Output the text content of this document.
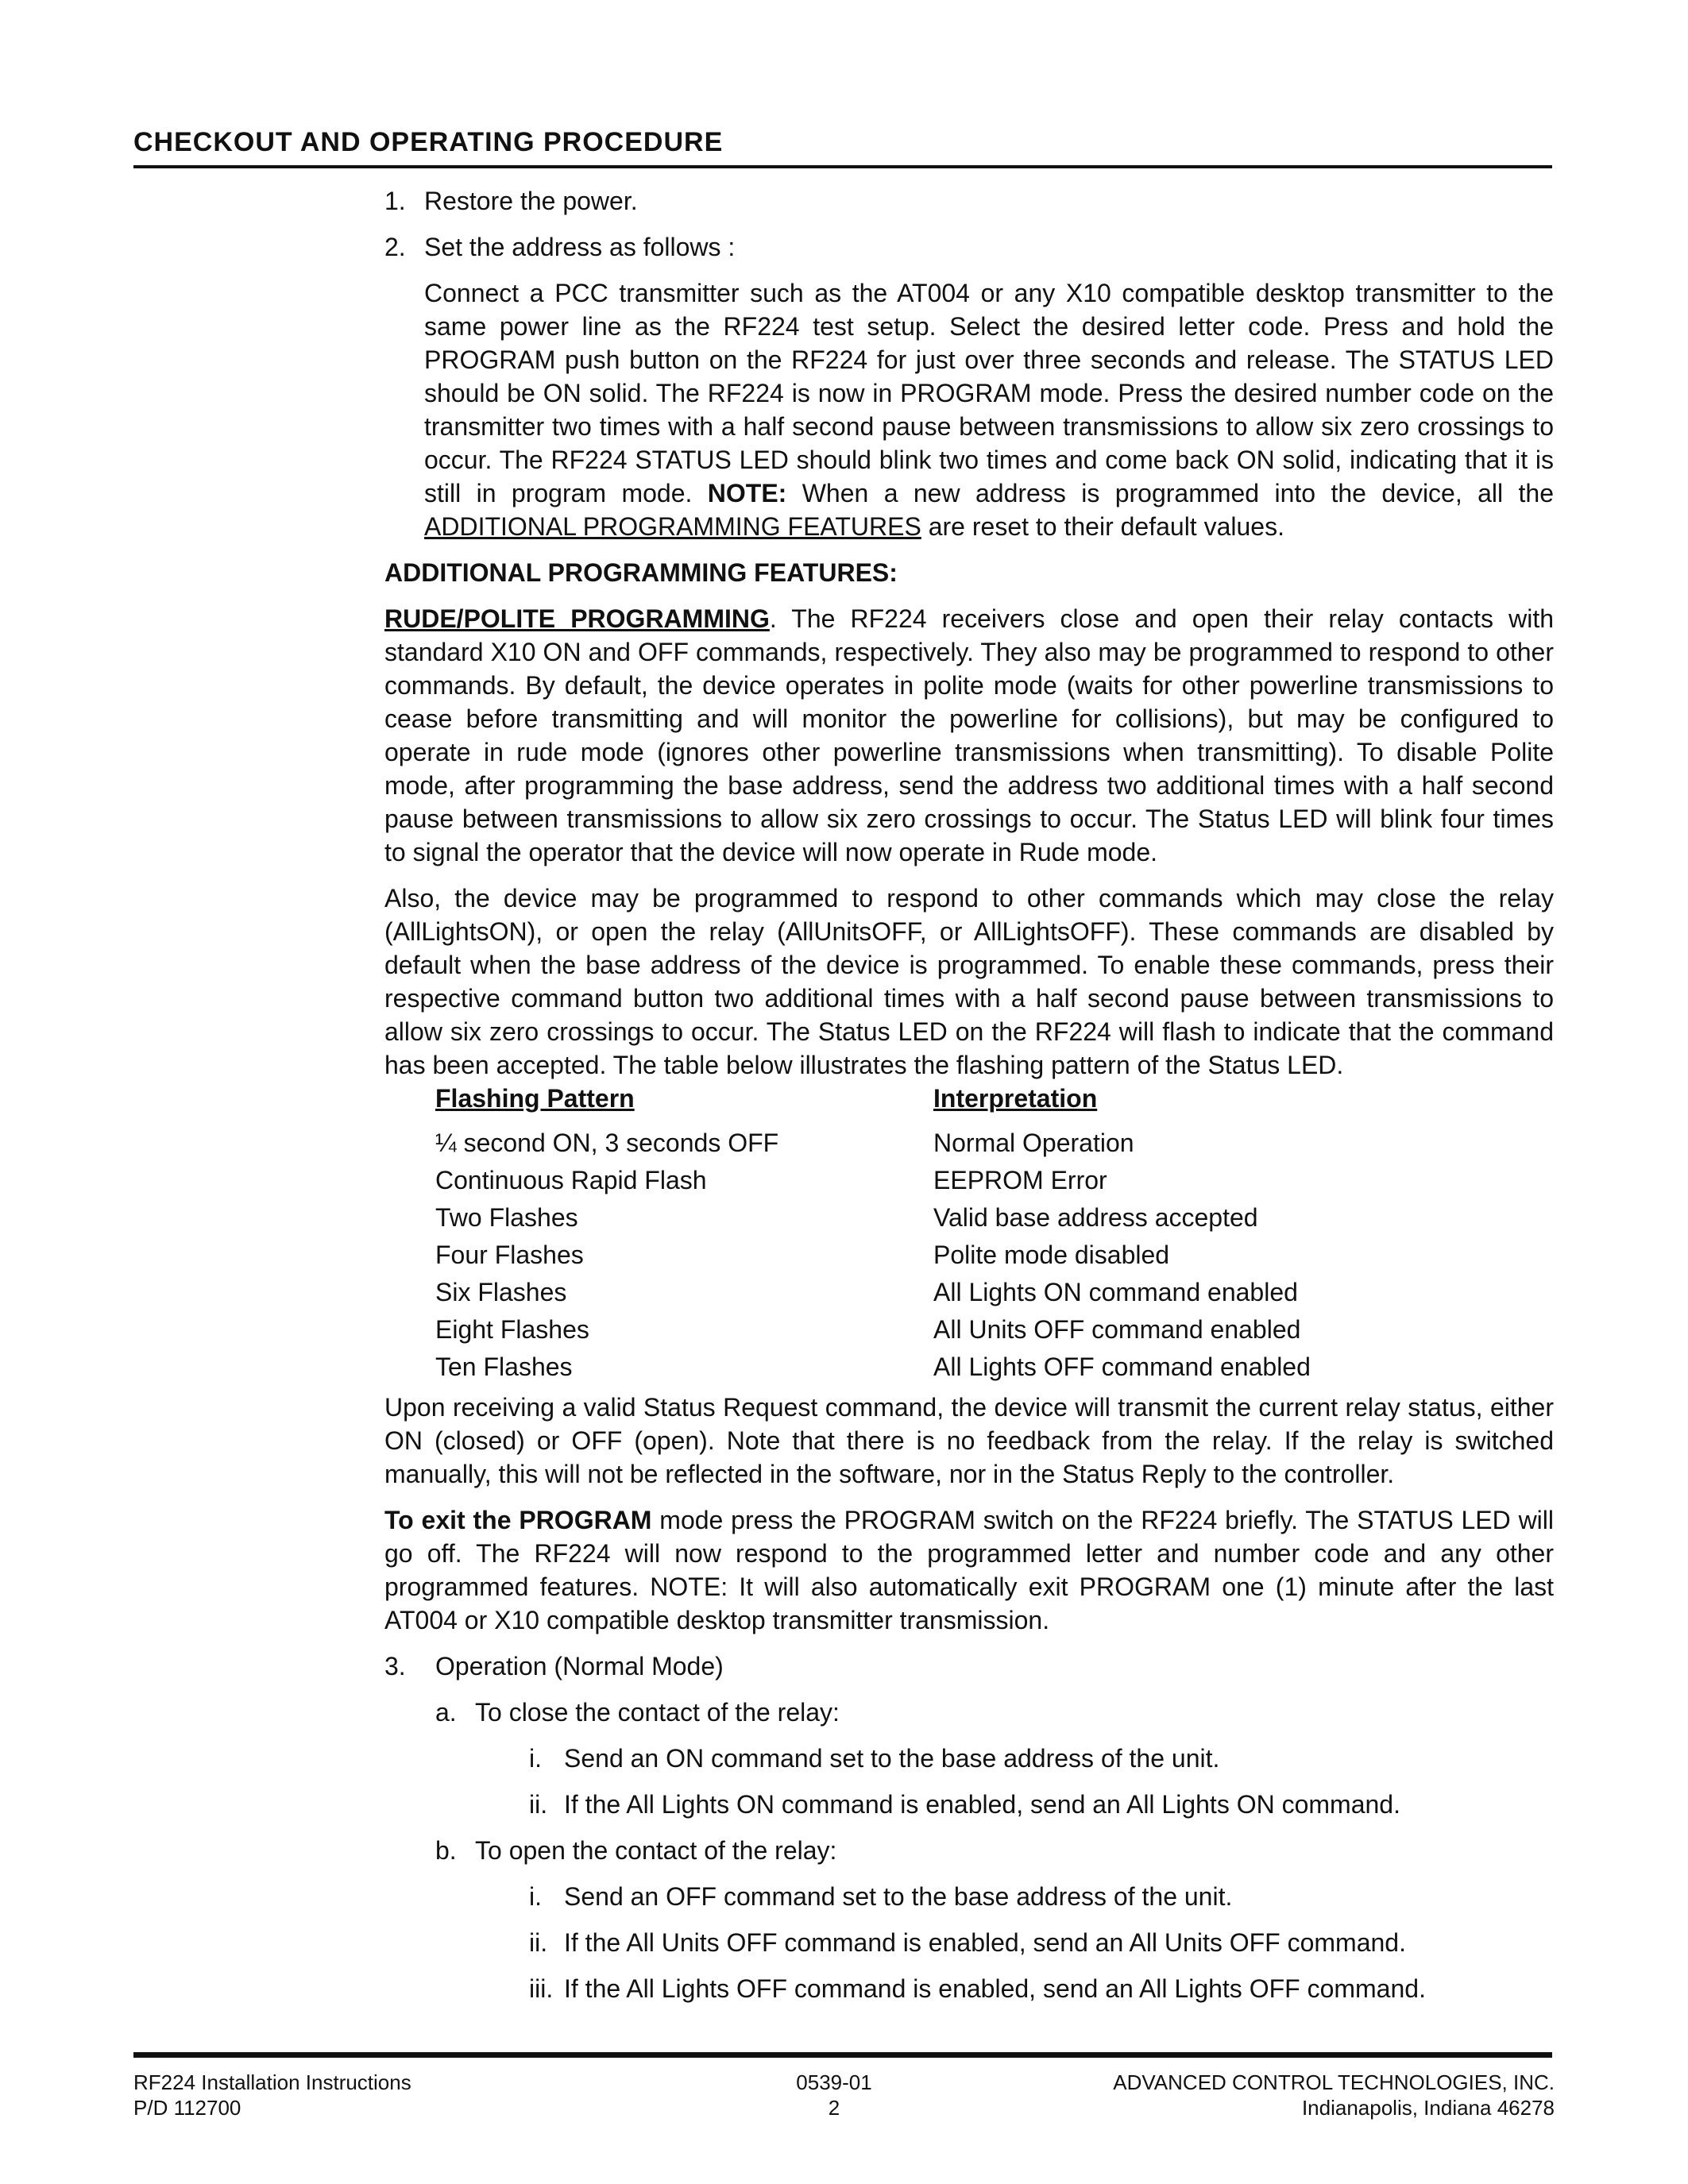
CHECKOUT AND OPERATING PROCEDURE

1. Restore the power.

2. Set the address as follows :

Connect a PCC transmitter such as the AT004 or any X10 compatible desktop transmitter to the same power line as the RF224 test setup. Select the desired letter code. Press and hold the PROGRAM push button on the RF224 for just over three seconds and release. The STATUS LED should be ON solid. The RF224 is now in PROGRAM mode. Press the desired number code on the transmitter two times with a half second pause between transmissions to allow six zero crossings to occur. The RF224 STATUS LED should blink two times and come back ON solid, indicating that it is still in program mode. NOTE: When a new address is programmed into the device, all the ADDITIONAL PROGRAMMING FEATURES are reset to their default values.

ADDITIONAL PROGRAMMING FEATURES:

RUDE/POLITE PROGRAMMING. The RF224 receivers close and open their relay contacts with standard X10 ON and OFF commands, respectively. They also may be programmed to respond to other commands. By default, the device operates in polite mode (waits for other powerline transmissions to cease before transmitting and will monitor the powerline for collisions), but may be configured to operate in rude mode (ignores other powerline transmissions when transmitting). To disable Polite mode, after programming the base address, send the address two additional times with a half second pause between transmissions to allow six zero crossings to occur. The Status LED will blink four times to signal the operator that the device will now operate in Rude mode.

Also, the device may be programmed to respond to other commands which may close the relay (AllLightsON), or open the relay (AllUnitsOFF, or AllLightsOFF). These commands are disabled by default when the base address of the device is programmed. To enable these commands, press their respective command button two additional times with a half second pause between transmissions to allow six zero crossings to occur. The Status LED on the RF224 will flash to indicate that the command has been accepted. The table below illustrates the flashing pattern of the Status LED.

Flashing Pattern	Interpretation
¼ second ON, 3 seconds OFF	Normal Operation
Continuous Rapid Flash	EEPROM Error
Two Flashes	Valid base address accepted
Four Flashes	Polite mode disabled
Six Flashes	All Lights ON command enabled
Eight Flashes	All Units OFF command enabled
Ten Flashes	All Lights OFF command enabled

Upon receiving a valid Status Request command, the device will transmit the current relay status, either ON (closed) or OFF (open). Note that there is no feedback from the relay. If the relay is switched manually, this will not be reflected in the software, nor in the Status Reply to the controller.

To exit the PROGRAM mode press the PROGRAM switch on the RF224 briefly. The STATUS LED will go off. The RF224 will now respond to the programmed letter and number code and any other programmed features. NOTE: It will also automatically exit PROGRAM one (1) minute after the last AT004 or X10 compatible desktop transmitter transmission.

3. Operation (Normal Mode)

a. To close the contact of the relay:

i. Send an ON command set to the base address of the unit.

ii. If the All Lights ON command is enabled, send an All Lights ON command.

b. To open the contact of the relay:

i. Send an OFF command set to the base address of the unit.

ii. If the All Units OFF command is enabled, send an All Units OFF command.

iii. If the All Lights OFF command is enabled, send an All Lights OFF command.

RF224 Installation Instructions
P/D 112700
0539-01
2
ADVANCED CONTROL TECHNOLOGIES, INC.
Indianapolis, Indiana 46278
